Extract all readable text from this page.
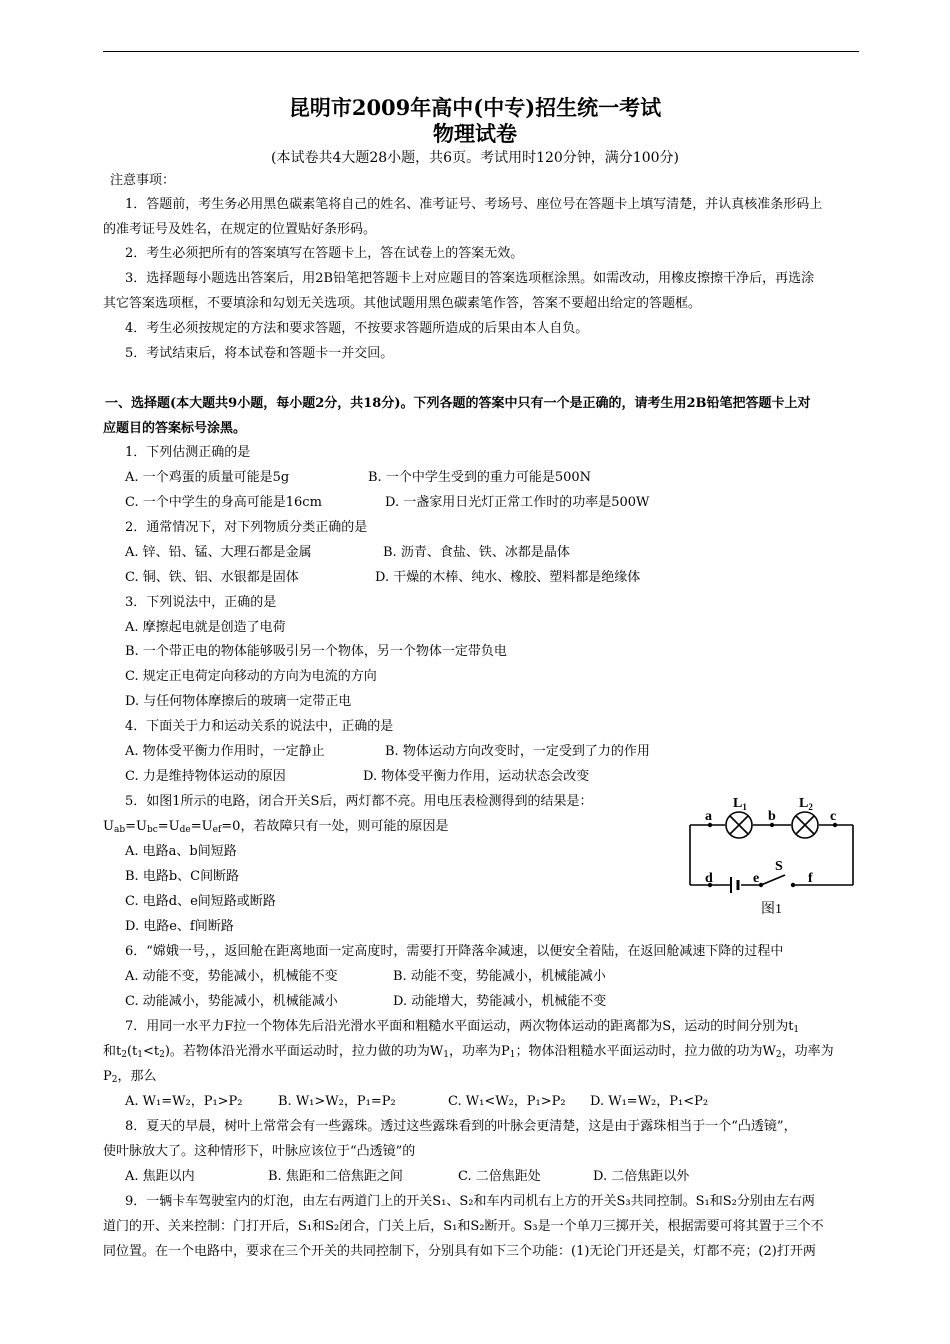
昆明市2009年高中(中专)招生统一考试
物理试卷
(本试卷共4大题28小题，共6页。考试用时120分钟，满分100分)
注意事项：
1．答题前，考生务必用黑色碳素笔将自己的姓名、准考证号、考场号、座位号在答题卡上填写清楚，并认真核准条形码上
的准考证号及姓名，在规定的位置贴好条形码。
2．考生必须把所有的答案填写在答题卡上，答在试卷上的答案无效。
3．选择题每小题选出答案后，用2B铅笔把答题卡上对应题目的答案选项框涂黑。如需改动，用橡皮擦擦干净后，再选涂
其它答案选项框，不要填涂和勾划无关选项。其他试题用黑色碳素笔作答，答案不要超出给定的答题框。
4．考生必须按规定的方法和要求答题，不按要求答题所造成的后果由本人自负。
5．考试结束后，将本试卷和答题卡一并交回。
一、选择题(本大题共9小题，每小题2分，共18分)。下列各题的答案中只有一个是正确的，请考生用2B铅笔把答题卡上对
应题目的答案标号涂黑。
1．下列估测正确的是
A. 一个鸡蛋的质量可能是5g	B. 一个中学生受到的重力可能是500N
C. 一个中学生的身高可能是16cm	D. 一盏家用日光灯正常工作时的功率是500W
2．通常情况下，对下列物质分类正确的是
A. 锌、铅、锰、大理石都是金属	B. 沥青、食盐、铁、冰都是晶体
C. 铜、铁、铝、水银都是固体	D. 干燥的木棒、纯水、橡胶、塑料都是绝缘体
3．下列说法中，正确的是
A. 摩擦起电就是创造了电荷
B. 一个带正电的物体能够吸引另一个物体，另一个物体一定带负电
C. 规定正电荷定向移动的方向为电流的方向
D. 与任何物体摩擦后的玻璃一定带正电
4．下面关于力和运动关系的说法中，正确的是
A. 物体受平衡力作用时，一定静止	B. 物体运动方向改变时，一定受到了力的作用
C. 力是维持物体运动的原因	D. 物体受平衡力作用，运动状态会改变
5．如图1所示的电路，闭合开关S后，两灯都不亮。用电压表检测得到的结果是：
$U_{ab}=U_{bc}=U_{de}=U_{ef}=0$，若故障只有一处，则可能的原因是
A. 电路a、b间短路
B. 电路b、C间断路
C. 电路d、e间短路或断路
D. 电路e、f间断路
a	b	c
d	e	f
S
$L_1$	$L_2$
图1
6．“嫦娥一号，，返回舱在距离地面一定高度时，需要打开降落伞减速，以便安全着陆，在返回舱减速下降的过程中
A. 动能不变，势能减小，机械能不变	B. 动能不变，势能减小，机械能减小
C. 动能减小，势能减小，机械能减小	D. 动能增大，势能减小，机械能不变
7．用同一水平力F拉一个物体先后沿光滑水平面和粗糙水平面运动，两次物体运动的距离都为S，运动的时间分别为$t_1$
和$t_2(t_1<t_2)$。若物体沿光滑水平面运动时，拉力做的功为$W_1$，功率为$P_1$；物体沿粗糙水平面运动时，拉力做的功为$W_2$，功率为
$P_2$，那么
A. W₁=W₂，P₁>P₂	B. W₁>W₂，P₁=P₂	C. W₁<W₂，P₁>P₂ D. W₁=W₂，P₁<P₂
8．夏天的早晨，树叶上常常会有一些露珠。透过这些露珠看到的叶脉会更清楚，这是由于露珠相当于一个“凸透镜”，
使叶脉放大了。这种情形下，叶脉应该位于“凸透镜”的
A. 焦距以内	B. 焦距和二倍焦距之间	C. 二倍焦距处	D. 二倍焦距以外
9．一辆卡车驾驶室内的灯泡，由左右两道门上的开关S₁、S₂和车内司机右上方的开关S₃共同控制。S₁和S₂分别由左右两
道门的开、关来控制：门打开后，S₁和S₂闭合，门关上后，S₁和S₂断开。S₃是一个单刀三掷开关，根据需要可将其置于三个不
同位置。在一个电路中，要求在三个开关的共同控制下，分别具有如下三个功能：(1)无论门开还是关，灯都不亮；(2)打开两
